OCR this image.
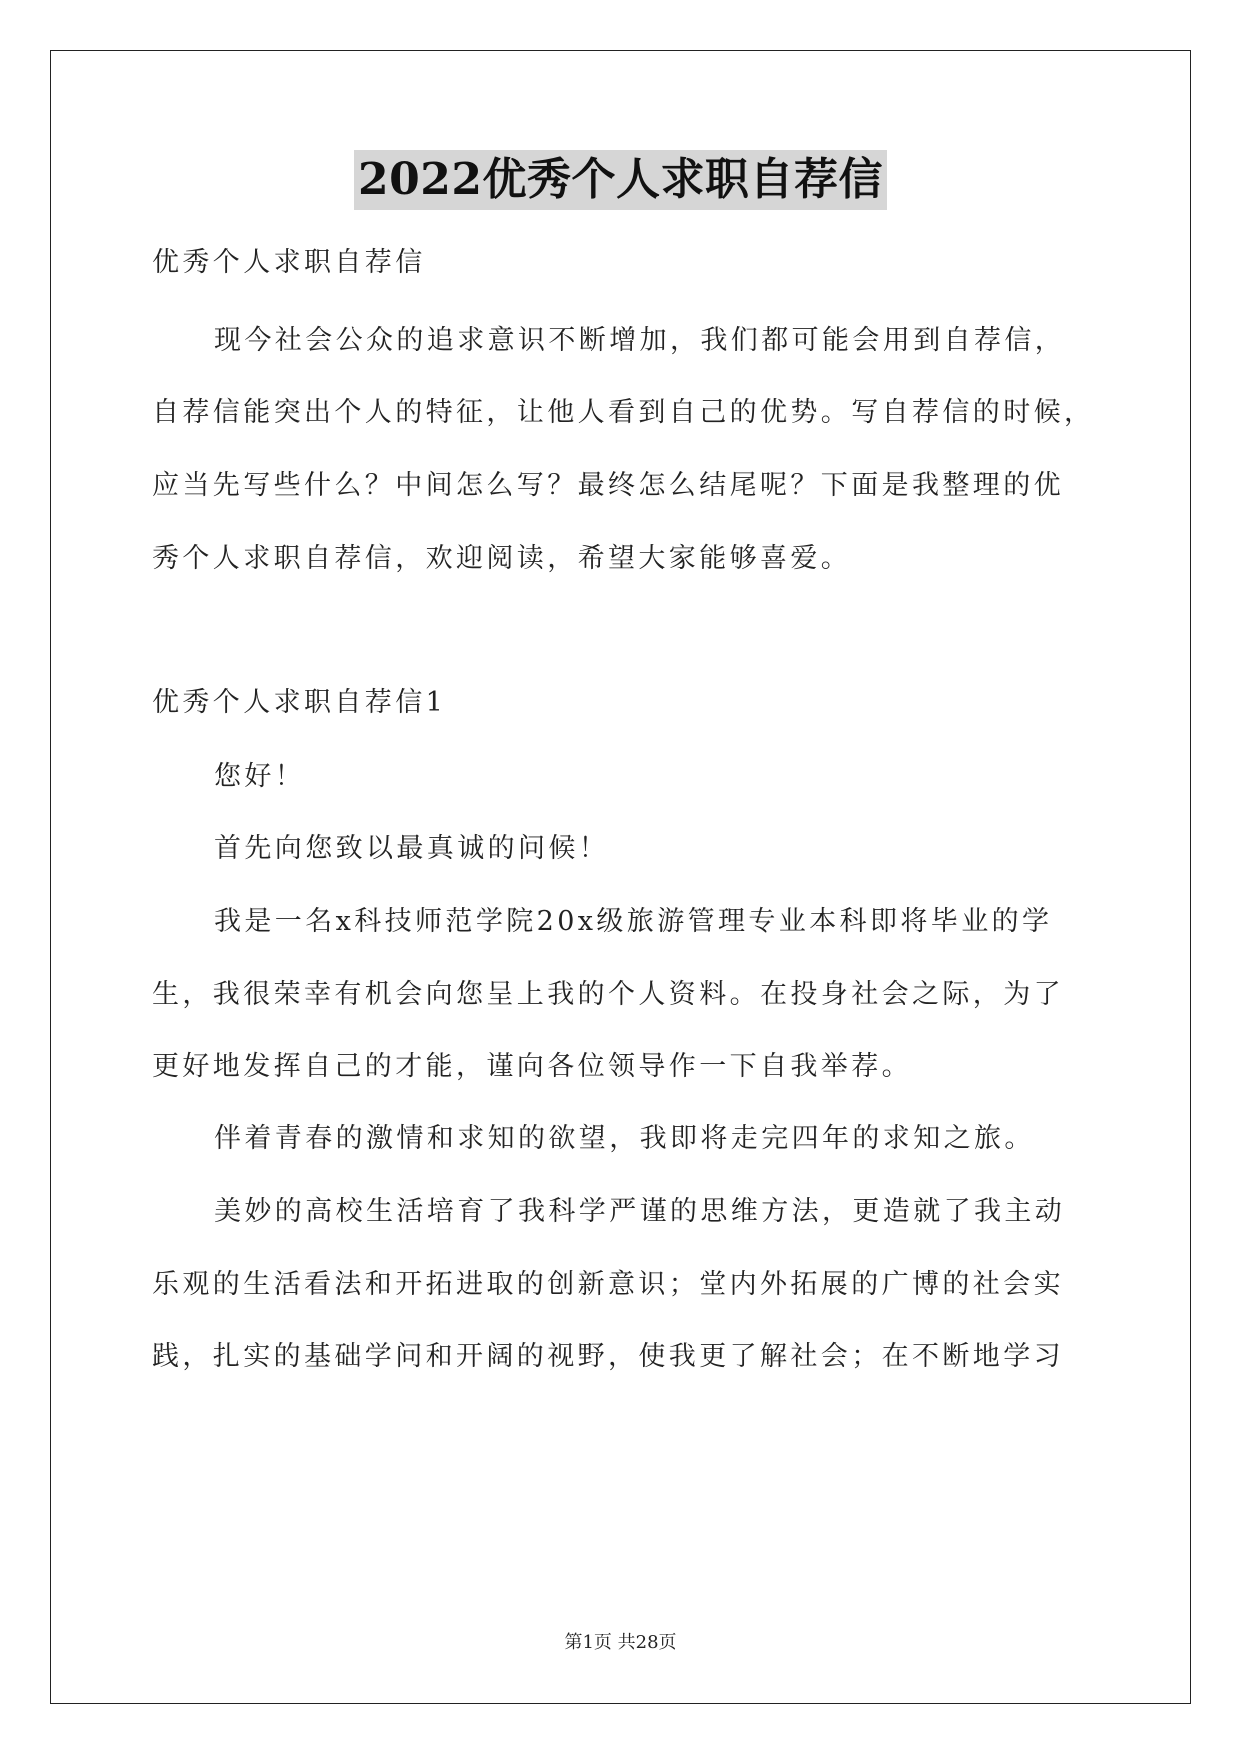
2022优秀个人求职自荐信
优秀个人求职自荐信
现今社会公众的追求意识不断增加，我们都可能会用到自荐信，
自荐信能突出个人的特征，让他人看到自己的优势。写自荐信的时候，
应当先写些什么？中间怎么写？最终怎么结尾呢？下面是我整理的优
秀个人求职自荐信，欢迎阅读，希望大家能够喜爱。
优秀个人求职自荐信1
您好！
首先向您致以最真诚的问候！
我是一名x科技师范学院20x级旅游管理专业本科即将毕业的学
生，我很荣幸有机会向您呈上我的个人资料。在投身社会之际，为了
更好地发挥自己的才能，谨向各位领导作一下自我举荐。
伴着青春的激情和求知的欲望，我即将走完四年的求知之旅。
美妙的高校生活培育了我科学严谨的思维方法，更造就了我主动
乐观的生活看法和开拓进取的创新意识；堂内外拓展的广博的社会实
践，扎实的基础学问和开阔的视野，使我更了解社会；在不断地学习
第1页 共28页
